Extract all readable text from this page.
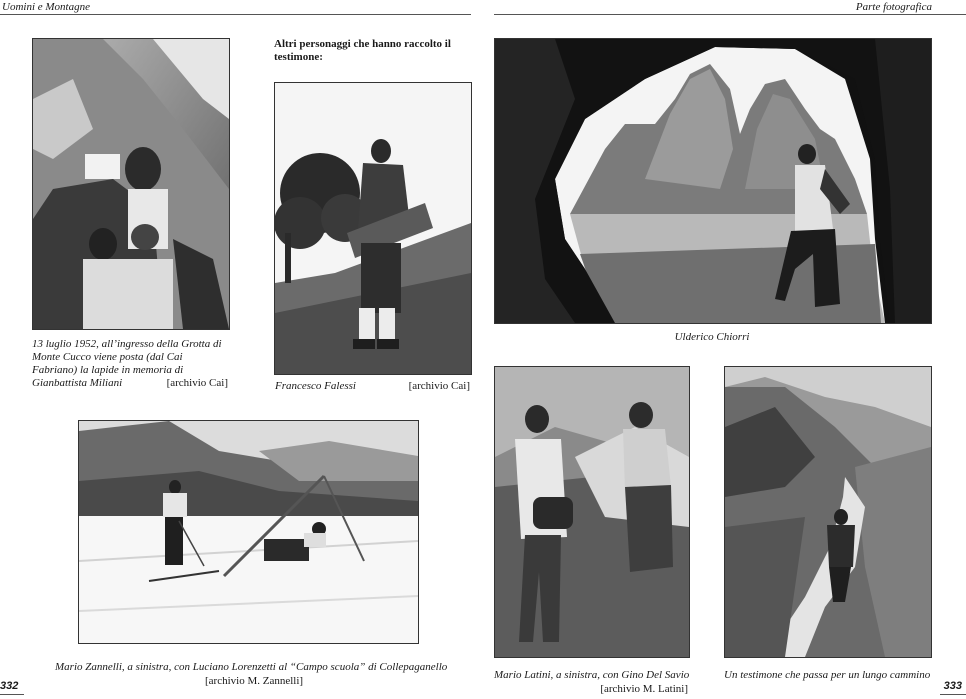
Uomini e Montagne	Parte fotografica
13 luglio 1952, all’ingresso della Grotta di Monte Cucco viene posta (dal Cai Fabriano) la lapide in memoria di Gianbattista Miliani	[archivio Cai]
Altri personaggi che hanno raccolto il testimone:
Francesco Falessi	[archivio Cai]
Mario Zannelli, a sinistra, con Luciano Lorenzetti al “Campo scuola” di Collepaganello
[archivio M. Zannelli]
332
Ulderico Chiorri
Mario Latini, a sinistra, con Gino Del Savio
[archivio M. Latini]
Un testimone che passa per un lungo cammino
333
